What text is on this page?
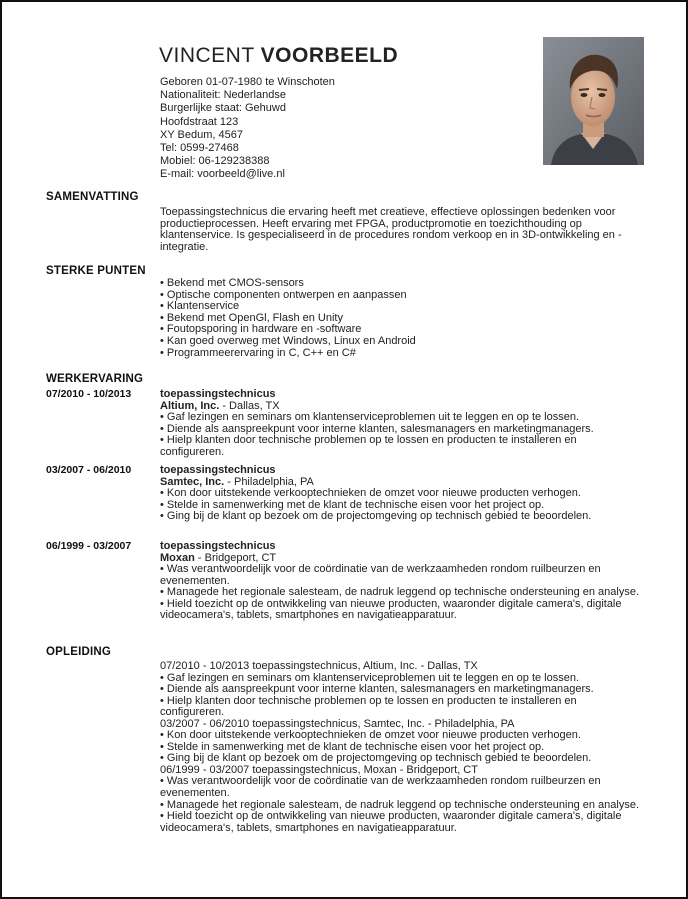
VINCENT VOORBEELD
Geboren 01-07-1980 te Winschoten
Nationaliteit: Nederlandse
Burgerlijke staat: Gehuwd
Hoofdstraat 123
XY Bedum, 4567
Tel: 0599-27468
Mobiel: 06-129238388
E-mail: voorbeeld@live.nl
SAMENVATTING
Toepassingstechnicus die ervaring heeft met creatieve, effectieve oplossingen bedenken voor productieprocessen. Heeft ervaring met FPGA, productpromotie en toezichthouding op klantenservice. Is gespecialiseerd in de procedures rondom verkoop en in 3D-ontwikkeling en -integratie.
STERKE PUNTEN
• Bekend met CMOS-sensors
• Optische componenten ontwerpen en aanpassen
• Klantenservice
• Bekend met OpenGl, Flash en Unity
• Foutopsporing in hardware en -software
• Kan goed overweg met Windows, Linux en Android
• Programmeerervaring in C, C++ en C#
WERKERVARING
07/2010 - 10/2013	toepassingstechnicus
Altium, Inc. - Dallas, TX
• Gaf lezingen en seminars om klantenserviceproblemen uit te leggen en op te lossen.
• Diende als aanspreekpunt voor interne klanten, salesmanagers en marketingmanagers.
• Hielp klanten door technische problemen op te lossen en producten te installeren en configureren.
03/2007 - 06/2010	toepassingstechnicus
Samtec, Inc. - Philadelphia, PA
• Kon door uitstekende verkooptechnieken de omzet voor nieuwe producten verhogen.
• Stelde in samenwerking met de klant de technische eisen voor het project op.
• Ging bij de klant op bezoek om de projectomgeving op technisch gebied te beoordelen.
06/1999 - 03/2007	toepassingstechnicus
Moxan - Bridgeport, CT
• Was verantwoordelijk voor de coördinatie van de werkzaamheden rondom ruilbeurzen en evenementen.
• Managede het regionale salesteam, de nadruk leggend op technische ondersteuning en analyse.
• Hield toezicht op de ontwikkeling van nieuwe producten, waaronder digitale camera's, digitale videocamera's, tablets, smartphones en navigatieapparatuur.
OPLEIDING
07/2010 - 10/2013 toepassingstechnicus, Altium, Inc. - Dallas, TX
• Gaf lezingen en seminars om klantenserviceproblemen uit te leggen en op te lossen.
• Diende als aanspreekpunt voor interne klanten, salesmanagers en marketingmanagers.
• Hielp klanten door technische problemen op te lossen en producten te installeren en configureren.
03/2007 - 06/2010 toepassingstechnicus, Samtec, Inc. - Philadelphia, PA
• Kon door uitstekende verkooptechnieken de omzet voor nieuwe producten verhogen.
• Stelde in samenwerking met de klant de technische eisen voor het project op.
• Ging bij de klant op bezoek om de projectomgeving op technisch gebied te beoordelen.
06/1999 - 03/2007 toepassingstechnicus, Moxan - Bridgeport, CT
• Was verantwoordelijk voor de coördinatie van de werkzaamheden rondom ruilbeurzen en evenementen.
• Managede het regionale salesteam, de nadruk leggend op technische ondersteuning en analyse.
• Hield toezicht op de ontwikkeling van nieuwe producten, waaronder digitale camera's, digitale videocamera's, tablets, smartphones en navigatieapparatuur.
